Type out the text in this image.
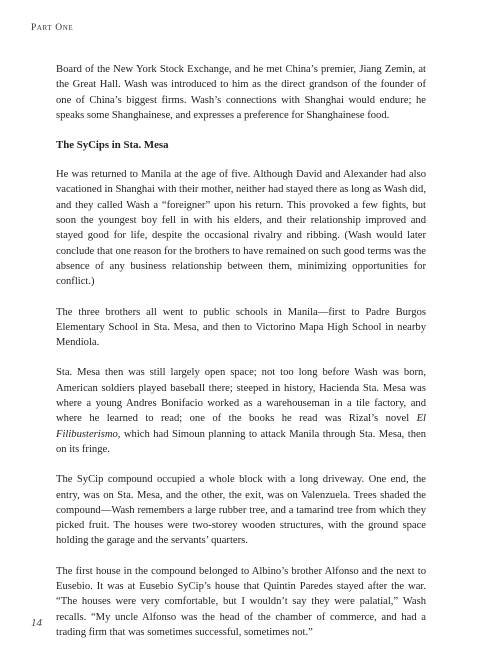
Part One

Board of the New York Stock Exchange, and he met China’s premier, Jiang Zemin, at the Great Hall. Wash was introduced to him as the direct grandson of the founder of one of China’s biggest firms. Wash’s connections with Shanghai would endure; he speaks some Shanghainese, and expresses a preference for Shanghainese food.

The SyCips in Sta. Mesa

He was returned to Manila at the age of five. Although David and Alexander had also vacationed in Shanghai with their mother, neither had stayed there as long as Wash did, and they called Wash a “foreigner” upon his return. This provoked a few fights, but soon the youngest boy fell in with his elders, and their relationship improved and stayed good for life, despite the occasional rivalry and ribbing. (Wash would later conclude that one reason for the brothers to have remained on such good terms was the absence of any business relationship between them, minimizing opportunities for conflict.)

The three brothers all went to public schools in Manila—first to Padre Burgos Elementary School in Sta. Mesa, and then to Victorino Mapa High School in nearby Mendiola.

Sta. Mesa then was still largely open space; not too long before Wash was born, American soldiers played baseball there; steeped in history, Hacienda Sta. Mesa was where a young Andres Bonifacio worked as a warehouseman in a tile factory, and where he learned to read; one of the books he read was Rizal’s novel El Filibusterismo, which had Simoun planning to attack Manila through Sta. Mesa, then on its fringe.

The SyCip compound occupied a whole block with a long driveway. One end, the entry, was on Sta. Mesa, and the other, the exit, was on Valenzuela. Trees shaded the compound—Wash remembers a large rubber tree, and a tamarind tree from which they picked fruit. The houses were two-storey wooden structures, with the ground space holding the garage and the servants’ quarters.

The first house in the compound belonged to Albino’s brother Alfonso and the next to Eusebio. It was at Eusebio SyCip’s house that Quintin Paredes stayed after the war. “The houses were very comfortable, but I wouldn’t say they were palatial,” Wash recalls. “My uncle Alfonso was the head of the chamber of commerce, and had a trading firm that was sometimes successful, sometimes not.”

14
